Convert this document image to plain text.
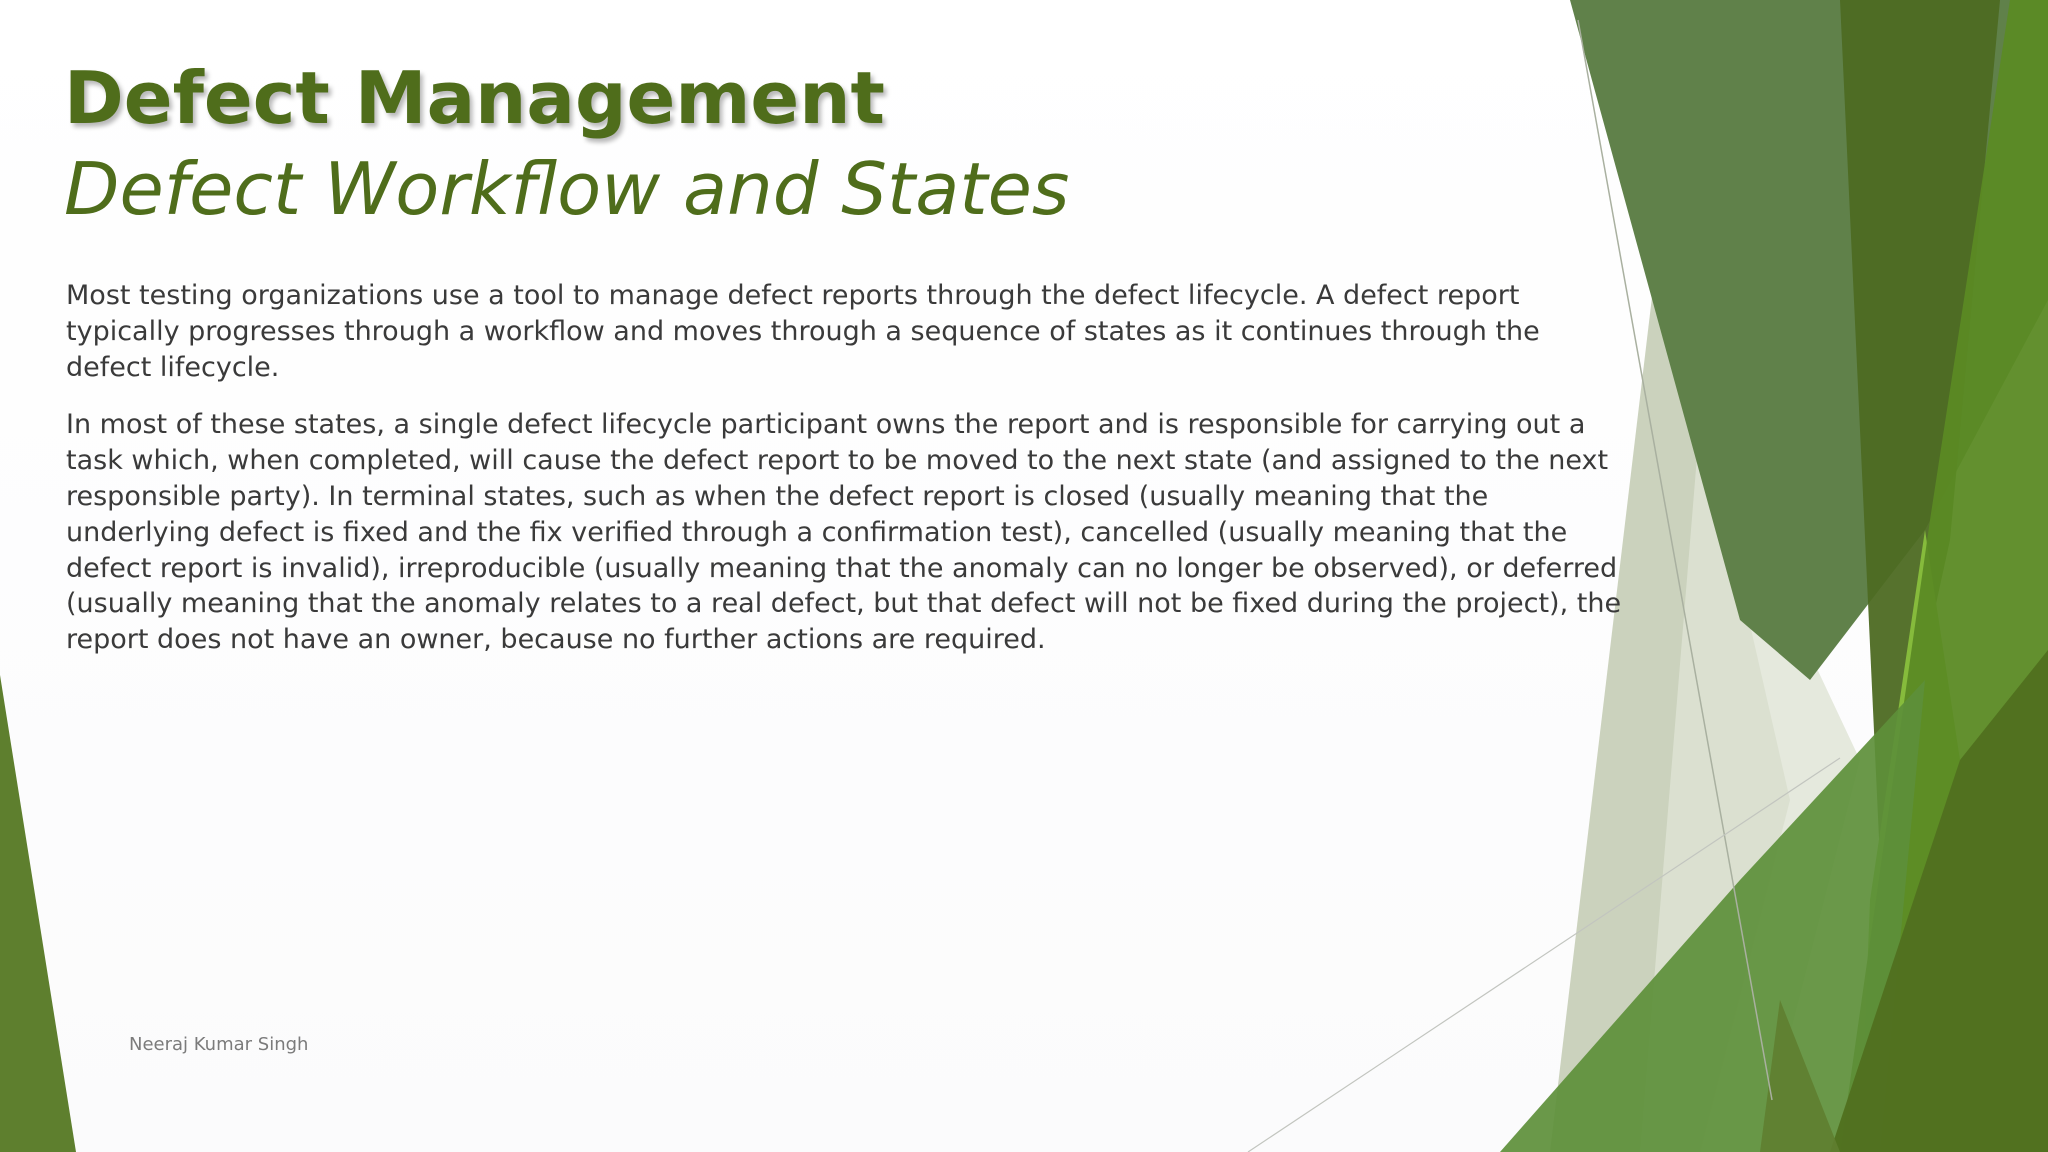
Defect Management
Defect Workflow and States

Most testing organizations use a tool to manage defect reports through the defect lifecycle. A defect report typically progresses through a workflow and moves through a sequence of states as it continues through the defect lifecycle.

In most of these states, a single defect lifecycle participant owns the report and is responsible for carrying out a task which, when completed, will cause the defect report to be moved to the next state (and assigned to the next responsible party). In terminal states, such as when the defect report is closed (usually meaning that the underlying defect is fixed and the fix verified through a confirmation test), cancelled (usually meaning that the defect report is invalid), irreproducible (usually meaning that the anomaly can no longer be observed), or deferred (usually meaning that the anomaly relates to a real defect, but that defect will not be fixed during the project), the report does not have an owner, because no further actions are required.

Neeraj Kumar Singh
